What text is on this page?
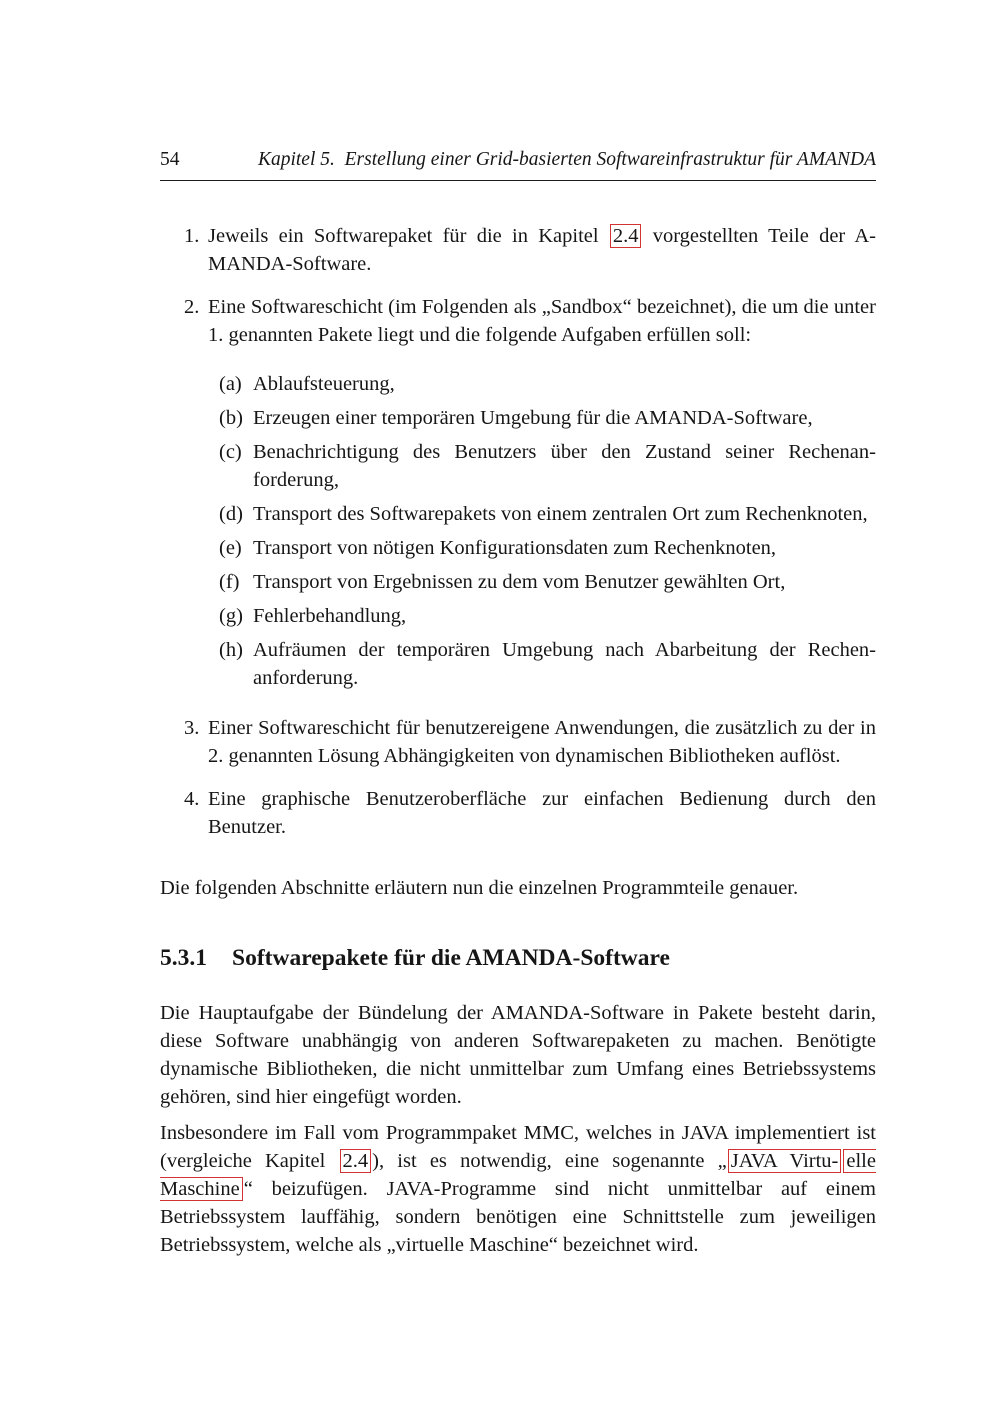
54	Kapitel 5.  Erstellung einer Grid-basierten Softwareinfrastruktur für AMANDA
1. Jeweils ein Softwarepaket für die in Kapitel 2.4 vorgestellten Teile der A-MANDA-Software.
2. Eine Softwareschicht (im Folgenden als „Sandbox“ bezeichnet), die um die unter 1. genannten Pakete liegt und die folgende Aufgaben erfüllen soll:
(a) Ablaufsteuerung,
(b) Erzeugen einer temporären Umgebung für die AMANDA-Software,
(c) Benachrichtigung des Benutzers über den Zustand seiner Rechenanforderung,
(d) Transport des Softwarepakets von einem zentralen Ort zum Rechenknoten,
(e) Transport von nötigen Konfigurationsdaten zum Rechenknoten,
(f) Transport von Ergebnissen zu dem vom Benutzer gewählten Ort,
(g) Fehlerbehandlung,
(h) Aufräumen der temporären Umgebung nach Abarbeitung der Rechenanforderung.
3. Einer Softwareschicht für benutzereigene Anwendungen, die zusätzlich zu der in 2. genannten Lösung Abhängigkeiten von dynamischen Bibliotheken auflöst.
4. Eine graphische Benutzeroberfläche zur einfachen Bedienung durch den Benutzer.

Die folgenden Abschnitte erläutern nun die einzelnen Programmteile genauer.

5.3.1	Softwarepakete für die AMANDA-Software

Die Hauptaufgabe der Bündelung der AMANDA-Software in Pakete besteht darin, diese Software unabhängig von anderen Softwarepaketen zu machen. Benötigte dynamische Bibliotheken, die nicht unmittelbar zum Umfang eines Betriebssystems gehören, sind hier eingefügt worden.

Insbesondere im Fall vom Programmpaket MMC, welches in JAVA implementiert ist (vergleiche Kapitel 2.4 ), ist es notwendig, eine sogenannte „ JAVA Virtu- elle Maschine “ beizufügen. JAVA-Programme sind nicht unmittelbar auf einem Betriebssystem lauffähig, sondern benötigen eine Schnittstelle zum jeweiligen Betriebssystem, welche als „virtuelle Maschine“ bezeichnet wird.
